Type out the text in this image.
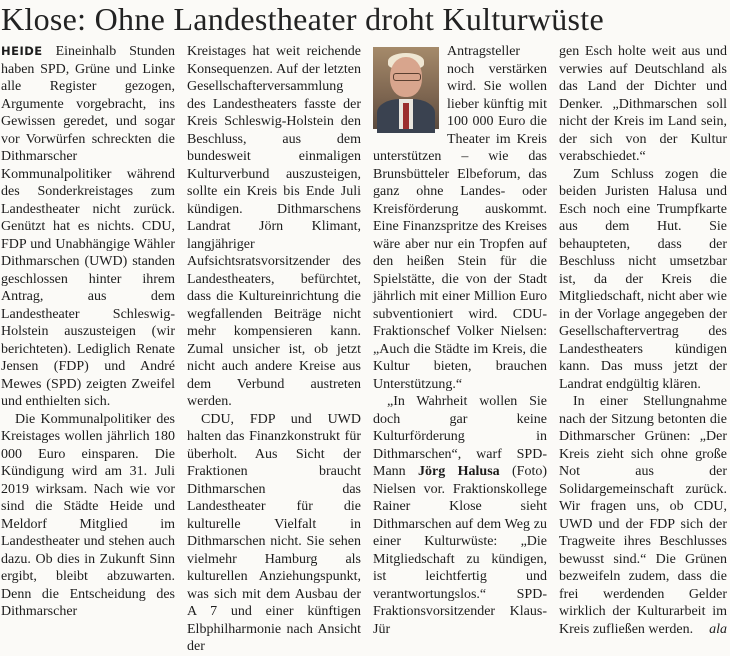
Klose: Ohne Landestheater droht Kulturwüste

HEIDE Eineinhalb Stunden haben SPD, Grüne und Linke alle Register gezogen, Argumente vorgebracht, ins Gewissen geredet, und sogar vor Vorwürfen schreckten die Dithmarscher Kommunalpolitiker während des Sonderkreistages zum Landestheater nicht zurück. Genützt hat es nichts. CDU, FDP und Unabhängige Wähler Dithmarschen (UWD) standen geschlossen hinter ihrem Antrag, aus dem Landestheater Schleswig-Holstein auszusteigen (wir berichteten). Lediglich Renate Jensen (FDP) und André Mewes (SPD) zeigten Zweifel und enthielten sich.

Die Kommunalpolitiker des Kreistages wollen jährlich 180 000 Euro einsparen. Die Kündigung wird am 31. Juli 2019 wirksam. Nach wie vor sind die Städte Heide und Meldorf Mitglied im Landestheater und stehen auch dazu. Ob dies in Zukunft Sinn ergibt, bleibt abzuwarten. Denn die Entscheidung des Dithmarscher

Kreistages hat weit reichende Konsequenzen. Auf der letzten Gesellschafterversammlung des Landestheaters fasste der Kreis Schleswig-Holstein den Beschluss, aus dem bundesweit einmaligen Kulturverbund auszusteigen, sollte ein Kreis bis Ende Juli kündigen. Dithmarschens Landrat Jörn Klimant, langjähriger Aufsichtsratsvorsitzender des Landestheaters, befürchtet, dass die Kultureinrichtung die wegfallenden Beiträge nicht mehr kompensieren kann. Zumal unsicher ist, ob jetzt nicht auch andere Kreise aus dem Verbund austreten werden.

CDU, FDP und UWD halten das Finanzkonstrukt für überholt. Aus Sicht der Fraktionen braucht Dithmarschen das Landestheater für die kulturelle Vielfalt in Dithmarschen nicht. Sie sehen vielmehr Hamburg als kulturellen Anziehungspunkt, was sich mit dem Ausbau der A 7 und einer künftigen Elbphilharmonie nach Ansicht der

Antragsteller noch verstärken wird. Sie wollen lieber künftig mit 100 000 Euro die Theater im Kreis unterstützen – wie das Brunsbütteler Elbeforum, das ganz ohne Landes- oder Kreisförderung auskommt. Eine Finanzspritze des Kreises wäre aber nur ein Tropfen auf den heißen Stein für die Spielstätte, die von der Stadt jährlich mit einer Million Euro subventioniert wird. CDU-Fraktionschef Volker Nielsen: „Auch die Städte im Kreis, die Kultur bieten, brauchen Unterstützung.“

„In Wahrheit wollen Sie doch gar keine Kulturförderung in Dithmarschen“, warf SPD-Mann Jörg Halusa (Foto) Nielsen vor. Fraktionskollege Rainer Klose sieht Dithmarschen auf dem Weg zu einer Kulturwüste: „Die Mitgliedschaft zu kündigen, ist leichtfertig und verantwortungslos.“ SPD-Fraktionsvorsitzender Klaus-Jür

gen Esch holte weit aus und verwies auf Deutschland als das Land der Dichter und Denker. „Dithmarschen soll nicht der Kreis im Land sein, der sich von der Kultur verabschiedet.“

Zum Schluss zogen die beiden Juristen Halusa und Esch noch eine Trumpfkarte aus dem Hut. Sie behaupteten, dass der Beschluss nicht umsetzbar ist, da der Kreis die Mitgliedschaft, nicht aber wie in der Vorlage angegeben der Gesellschaftervertrag des Landestheaters kündigen kann. Das muss jetzt der Landrat endgültig klären.

In einer Stellungnahme nach der Sitzung betonten die Dithmarscher Grünen: „Der Kreis zieht sich ohne große Not aus der Solidargemeinschaft zurück. Wir fragen uns, ob CDU, UWD und der FDP sich der Tragweite ihres Beschlusses bewusst sind.“ Die Grünen bezweifeln zudem, dass die frei werdenden Gelder wirklich der Kulturarbeit im Kreis zufließen werden.	ala
